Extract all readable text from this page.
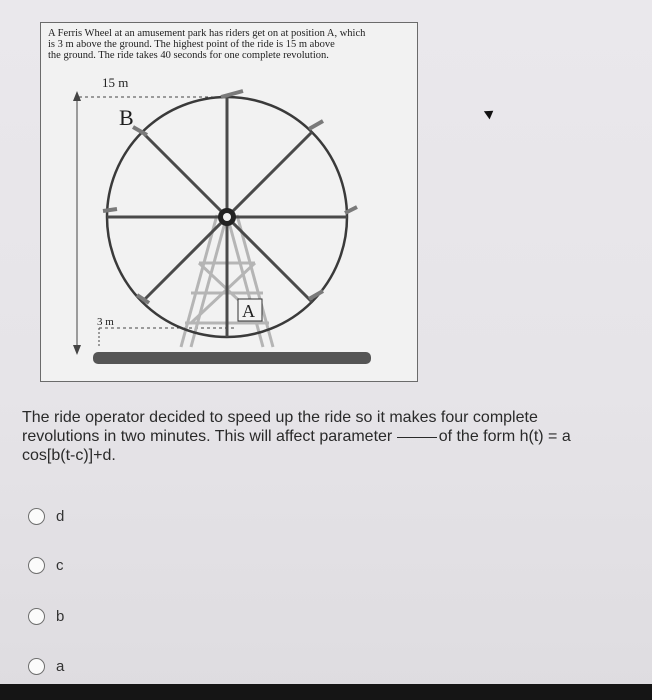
A Ferris Wheel at an amusement park has riders get on at position A, which
is 3 m above the ground. The highest point of the ride is 15 m above
the ground. The ride takes 40 seconds for one complete revolution.
15 m
3 m
B
A
The ride operator decided to speed up the ride so it makes four complete
revolutions in two minutes. This will affect parameter	of the form h(t) = a
cos[b(t-c)]+d.
d
c
b
a
